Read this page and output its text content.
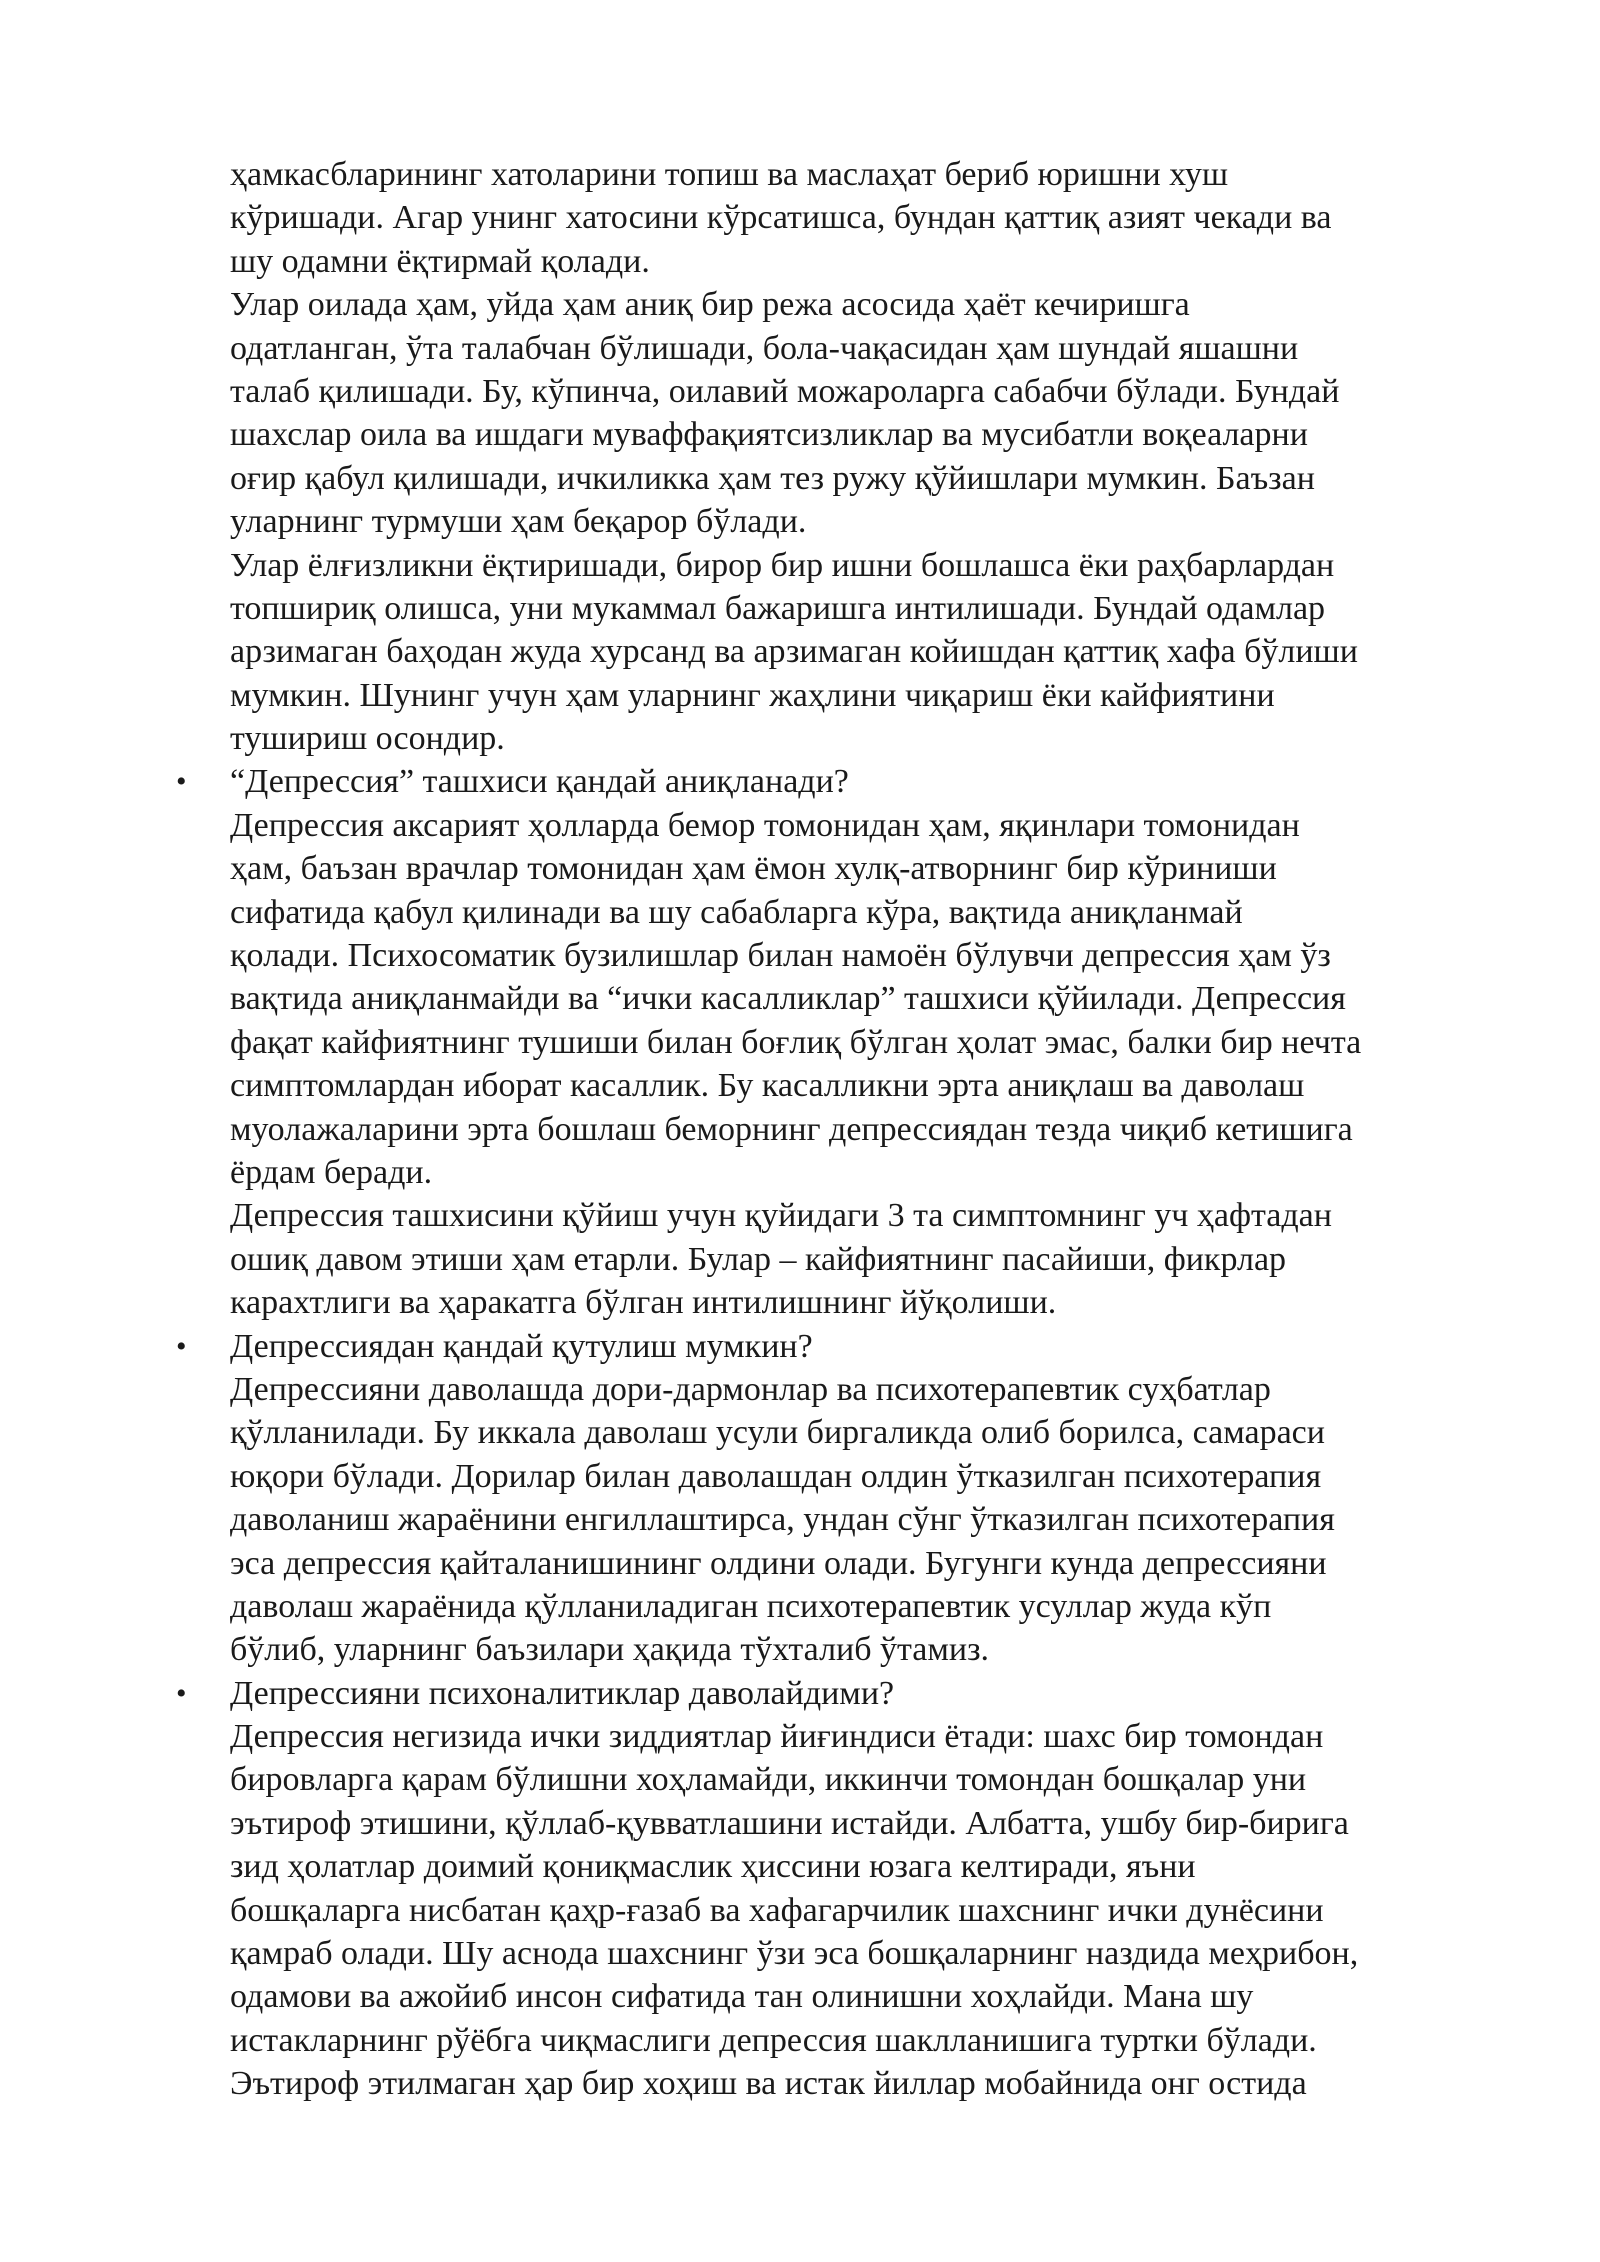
ҳамкасбларининг хатоларини топиш ва маслаҳат бериб юришни хуш
кўришади. Агар унинг хатосини кўрсатишса, бундан қаттиқ азият чекади ва
шу одамни ёқтирмай қолади.
Улар оилада ҳам, уйда ҳам аниқ бир режа асосида ҳаёт кечиришга
одатланган, ўта талабчан бўлишади, бола-чақасидан ҳам шундай яшашни
талаб қилишади. Бу, кўпинча, оилавий можароларга сабабчи бўлади. Бундай
шахслар оила ва ишдаги муваффақиятсизликлар ва мусибатли воқеаларни
оғир қабул қилишади, ичкиликка ҳам тез ружу қўйишлари мумкин. Баъзан
уларнинг турмуши ҳам беқарор бўлади.
Улар ёлғизликни ёқтиришади, бирор бир ишни бошлашса ёки раҳбарлардан
топшириқ олишса, уни мукаммал бажаришга интилишади. Бундай одамлар
арзимаган баҳодан жуда хурсанд ва арзимаган койишдан қаттиқ хафа бўлиши
мумкин. Шунинг учун ҳам уларнинг жаҳлини чиқариш ёки кайфиятини
тушириш осондир.
• “Депрессия” ташхиси қандай аниқланади?
Депрессия аксарият ҳолларда бемор томонидан ҳам, яқинлари томонидан
ҳам, баъзан врачлар томонидан ҳам ёмон хулқ-атворнинг бир кўриниши
сифатида қабул қилинади ва шу сабабларга кўра, вақтида аниқланмай
қолади. Психосоматик бузилишлар билан намоён бўлувчи депрессия ҳам ўз
вақтида аниқланмайди ва “ички касалликлар” ташхиси қўйилади. Депрессия
фақат кайфиятнинг тушиши билан боғлиқ бўлган ҳолат эмас, балки бир нечта
симптомлардан иборат касаллик. Бу касалликни эрта аниқлаш ва даволаш
муолажаларини эрта бошлаш беморнинг депрессиядан тезда чиқиб кетишига
ёрдам беради.
Депрессия ташхисини қўйиш учун қуйидаги 3 та симптомнинг уч ҳафтадан
ошиқ давом этиши ҳам етарли. Булар – кайфиятнинг пасайиши, фикрлар
карахтлиги ва ҳаракатга бўлган интилишнинг йўқолиши.
• Депрессиядан қандай қутулиш мумкин?
Депрессияни даволашда дори-дармонлар ва психотерапевтик суҳбатлар
қўлланилади. Бу иккала даволаш усули биргаликда олиб борилса, самараси
юқори бўлади. Дорилар билан даволашдан олдин ўтказилган психотерапия
даволаниш жараёнини енгиллаштирса, ундан сўнг ўтказилган психотерапия
эса депрессия қайталанишининг олдини олади. Бугунги кунда депрессияни
даволаш жараёнида қўлланиладиган психотерапевтик усуллар жуда кўп
бўлиб, уларнинг баъзилари ҳақида тўхталиб ўтамиз.
• Депрессияни психоналитиклар даволайдими?
Депрессия негизида ички зиддиятлар йиғиндиси ётади: шахс бир томондан
бировларга қарам бўлишни хоҳламайди, иккинчи томондан бошқалар уни
эътироф этишини, қўллаб-қувватлашини истайди. Албатта, ушбу бир-бирига
зид ҳолатлар доимий қониқмаслик ҳиссини юзага келтиради, яъни
бошқаларга нисбатан қаҳр-ғазаб ва хафагарчилик шахснинг ички дунёсини
қамраб олади. Шу аснода шахснинг ўзи эса бошқаларнинг наздида меҳрибон,
одамови ва ажойиб инсон сифатида тан олинишни хоҳлайди. Мана шу
истакларнинг рўёбга чиқмаслиги депрессия шаклланишига туртки бўлади.
Эътироф этилмаган ҳар бир хоҳиш ва истак йиллар мобайнида онг остида
